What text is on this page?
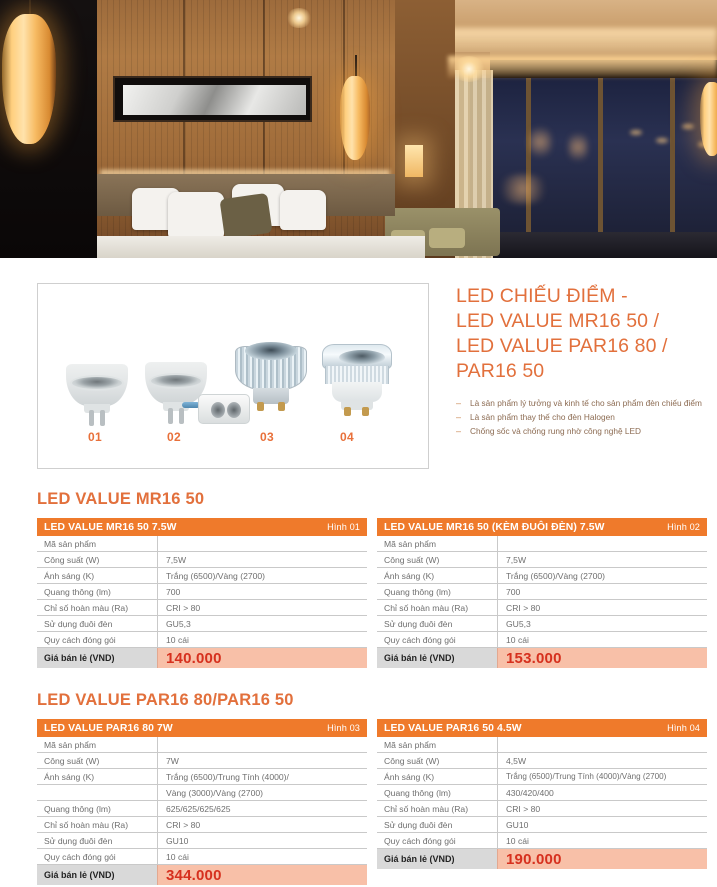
01	02	03	04
LED CHIẾU ĐIỂM -
LED VALUE MR16 50 /
LED VALUE PAR16 80 /
PAR16 50
–	Là sản phẩm lý tưởng và kinh tế cho sản phẩm đèn chiếu điểm
–	Là sản phẩm thay thế cho đèn Halogen
–	Chống sốc và chống rung nhờ công nghệ LED
LED VALUE MR16 50
LED VALUE MR16 50 7.5W	Hình 01
Mã sản phẩm
Công suất (W)	7,5W
Ánh sáng (K)	Trắng (6500)/Vàng (2700)
Quang thông (lm)	700
Chỉ số hoàn màu (Ra)	CRI > 80
Sử dụng đuôi đèn	GU5,3
Quy cách đóng gói	10 cái
Giá bán lẻ (VND)	140.000
LED VALUE MR16 50 (KÈM ĐUÔI ĐÈN) 7.5W	Hình 02
Mã sản phẩm
Công suất (W)	7,5W
Ánh sáng (K)	Trắng (6500)/Vàng (2700)
Quang thông (lm)	700
Chỉ số hoàn màu (Ra)	CRI > 80
Sử dụng đuôi đèn	GU5,3
Quy cách đóng gói	10 cái
Giá bán lẻ (VND)	153.000
LED VALUE PAR16 80/PAR16 50
LED VALUE PAR16 80 7W	Hình 03
Mã sản phẩm
Công suất (W)	7W
Ánh sáng (K)	Trắng (6500)/Trung Tính (4000)/
Vàng (3000)/Vàng (2700)
Quang thông (lm)	625/625/625/625
Chỉ số hoàn màu (Ra)	CRI > 80
Sử dụng đuôi đèn	GU10
Quy cách đóng gói	10 cái
Giá bán lẻ (VND)	344.000
LED VALUE PAR16 50 4.5W	Hình 04
Mã sản phẩm
Công suất (W)	4,5W
Ánh sáng (K)	Trắng (6500)/Trung Tính (4000)/Vàng (2700)
Quang thông (lm)	430/420/400
Chỉ số hoàn màu (Ra)	CRI > 80
Sử dụng đuôi đèn	GU10
Quy cách đóng gói	10 cái
Giá bán lẻ (VND)	190.000
